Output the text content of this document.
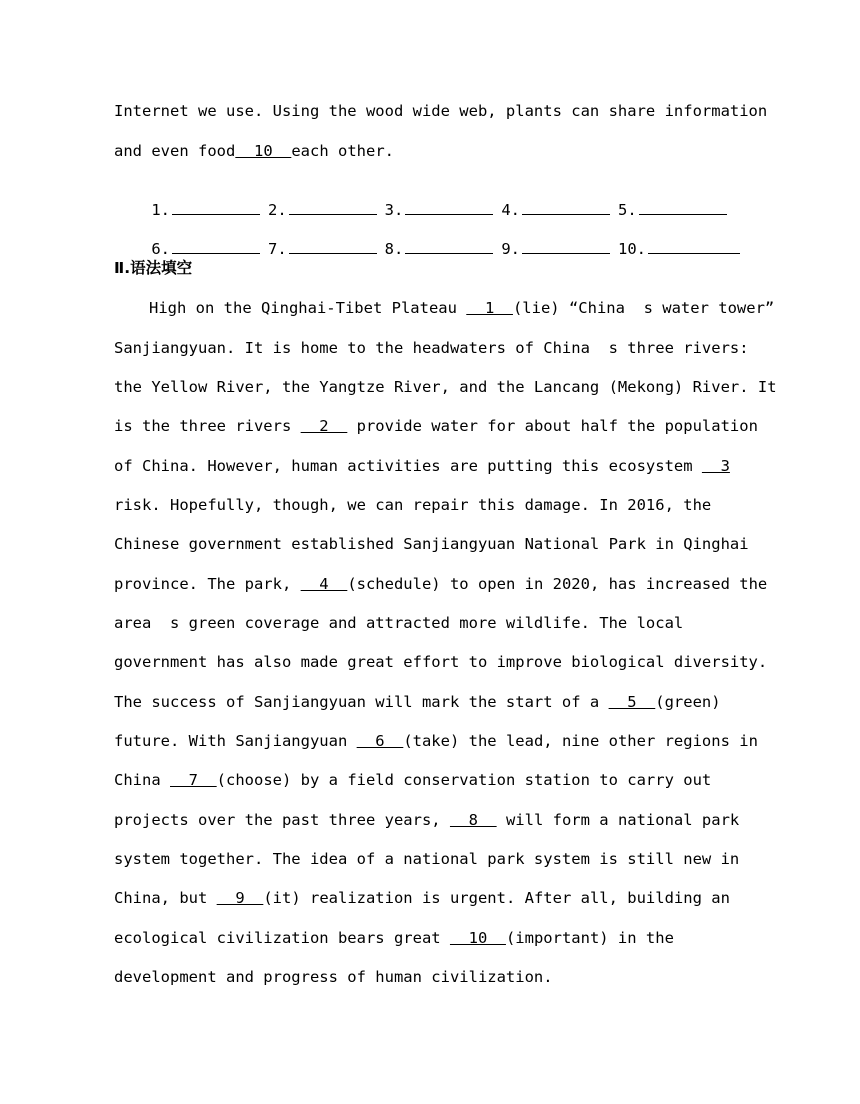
Internet we use. Using the wood wide web, plants can share information
and even food  10  each other.

1.	2.	3.	4.	5.

6.	7.	8.	9.	10.

Ⅱ.语法填空
High on the Qinghai-Tibet Plateau   1  (lie) “China  s water tower”
Sanjiangyuan. It is home to the headwaters of China  s three rivers:
the Yellow River, the Yangtze River, and the Lancang (Mekong) River. It
is the three rivers   2   provide water for about half the population
of China. However, human activities are putting this ecosystem   3
risk. Hopefully, though, we can repair this damage. In 2016, the
Chinese government established Sanjiangyuan National Park in Qinghai
province. The park,   4  (schedule) to open in 2020, has increased the
area  s green coverage and attracted more wildlife. The local
government has also made great effort to improve biological diversity.
The success of Sanjiangyuan will mark the start of a   5  (green)
future. With Sanjiangyuan   6  (take) the lead, nine other regions in
China   7  (choose) by a field conservation station to carry out
projects over the past three years,   8   will form a national park
system together. The idea of a national park system is still new in
China, but   9  (it) realization is urgent. After all, building an
ecological civilization bears great   10  (important) in the
development and progress of human civilization.
